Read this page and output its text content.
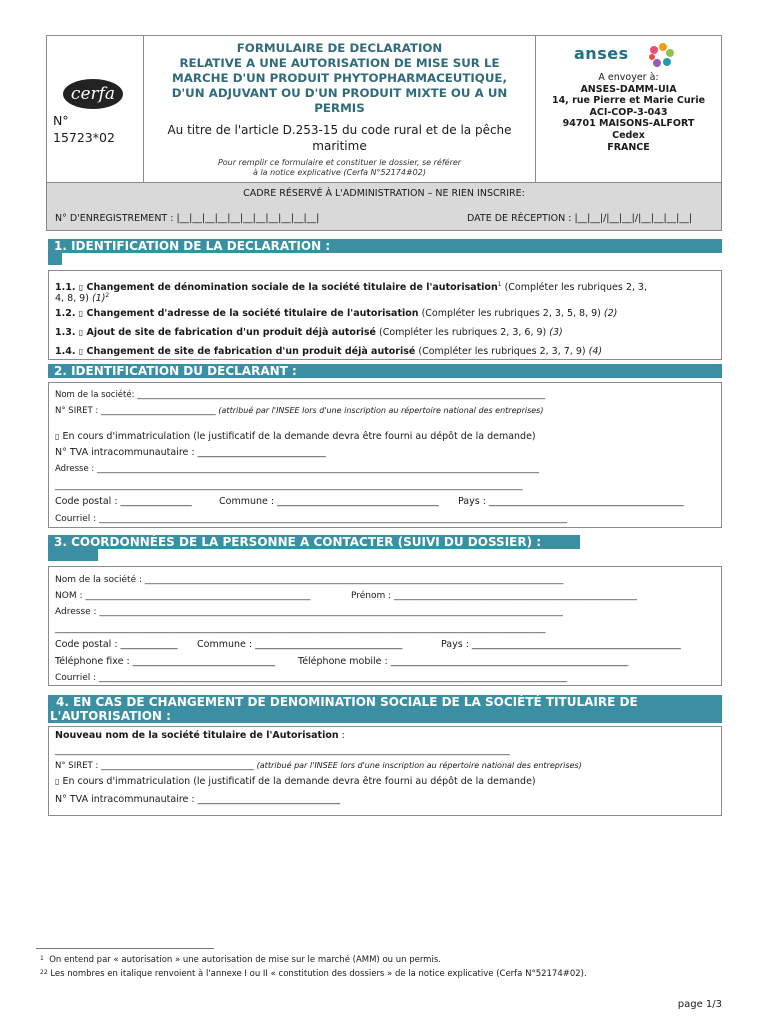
cerfa
N°
15723*02
FORMULAIRE DE DECLARATION
RELATIVE A UNE AUTORISATION DE MISE SUR LE
MARCHE D'UN PRODUIT PHYTOPHARMACEUTIQUE,
D'UN ADJUVANT OU D'UN PRODUIT MIXTE OU A UN
PERMIS
Au titre de l'article D.253-15 du code rural et de la pêche
maritime
Pour remplir ce formulaire et constituer le dossier, se référer
à la notice explicative (Cerfa N°52174#02)
anses
A envoyer à:
ANSES-DAMM-UIA
14, rue Pierre et Marie Curie
ACI-COP-3-043
94701 MAISONS-ALFORT
Cedex
FRANCE
CADRE RÉSERVÉ À L'ADMINISTRATION – NE RIEN INSCRIRE:
N° D'ENREGISTREMENT : |__|__|__|__|__|__|__|__|__|__|__|	DATE DE RÉCEPTION : |__|__|/|__|__|/|__|__|__|__|
1. IDENTIFICATION DE LA DECLARATION :
1.1. ▯ Changement de dénomination sociale de la société titulaire de l'autorisation$^1$ (Compléter les rubriques 2, 3,
4, 8, 9) $(1)^2$
1.2. ▯ Changement d'adresse de la société titulaire de l'autorisation (Compléter les rubriques 2, 3, 5, 8, 9) (2)
1.3. ▯ Ajout de site de fabrication d'un produit déjà autorisé (Compléter les rubriques 2, 3, 6, 9) (3)
1.4. ▯ Changement de site de fabrication d'un produit déjà autorisé (Compléter les rubriques 2, 3, 7, 9) (4)
2. IDENTIFICATION DU DECLARANT :
Nom de la société: ________________________________________________________________________________________________
N° SIRET : ___________________________ (attribué par l'INSEE lors d'une inscription au répertoire national des entreprises)
▯ En cours d'immatriculation (le justificatif de la demande devra être fourni au dépôt de la demande)
N° TVA intracommunautaire : ___________________________
Adresse : ________________________________________________________________________________________________________
______________________________________________________________________________________________________________
Code postal : _______________	Commune : __________________________________ Pays : _________________________________________
Courriel : ________________________________________________________________________________________________________
3. COORDONNÉES DE LA PERSONNE A CONTACTER (SUIVI DU DOSSIER) :
Nom de la société : _____________________________________________________________________________________________
NOM : __________________________________________________	Prénom : ______________________________________________________
Adresse : _______________________________________________________________________________________________________
_____________________________________________________________________________________________________________
Code postal : ____________ Commune : _______________________________	Pays : ____________________________________________
Téléphone fixe : ______________________________ Téléphone mobile : __________________________________________________
Courriel : ________________________________________________________________________________________________________
4. EN CAS DE CHANGEMENT DE DENOMINATION SOCIALE DE LA SOCIÉTÉ TITULAIRE DE
L'AUTORISATION :
Nouveau nom de la société titulaire de l'Autorisation :
___________________________________________________________________________________________________________
N° SIRET : ____________________________________ (attribué par l'INSEE lors d'une inscription au répertoire national des entreprises)
▯ En cours d'immatriculation (le justificatif de la demande devra être fourni au dépôt de la demande)
N° TVA intracommunautaire : ______________________________
$^1$ On entend par « autorisation » une autorisation de mise sur le marché (AMM) ou un permis.
$^{22}$ Les nombres en italique renvoient à l'annexe I ou II « constitution des dossiers » de la notice explicative (Cerfa N°52174#02).
page 1/3
